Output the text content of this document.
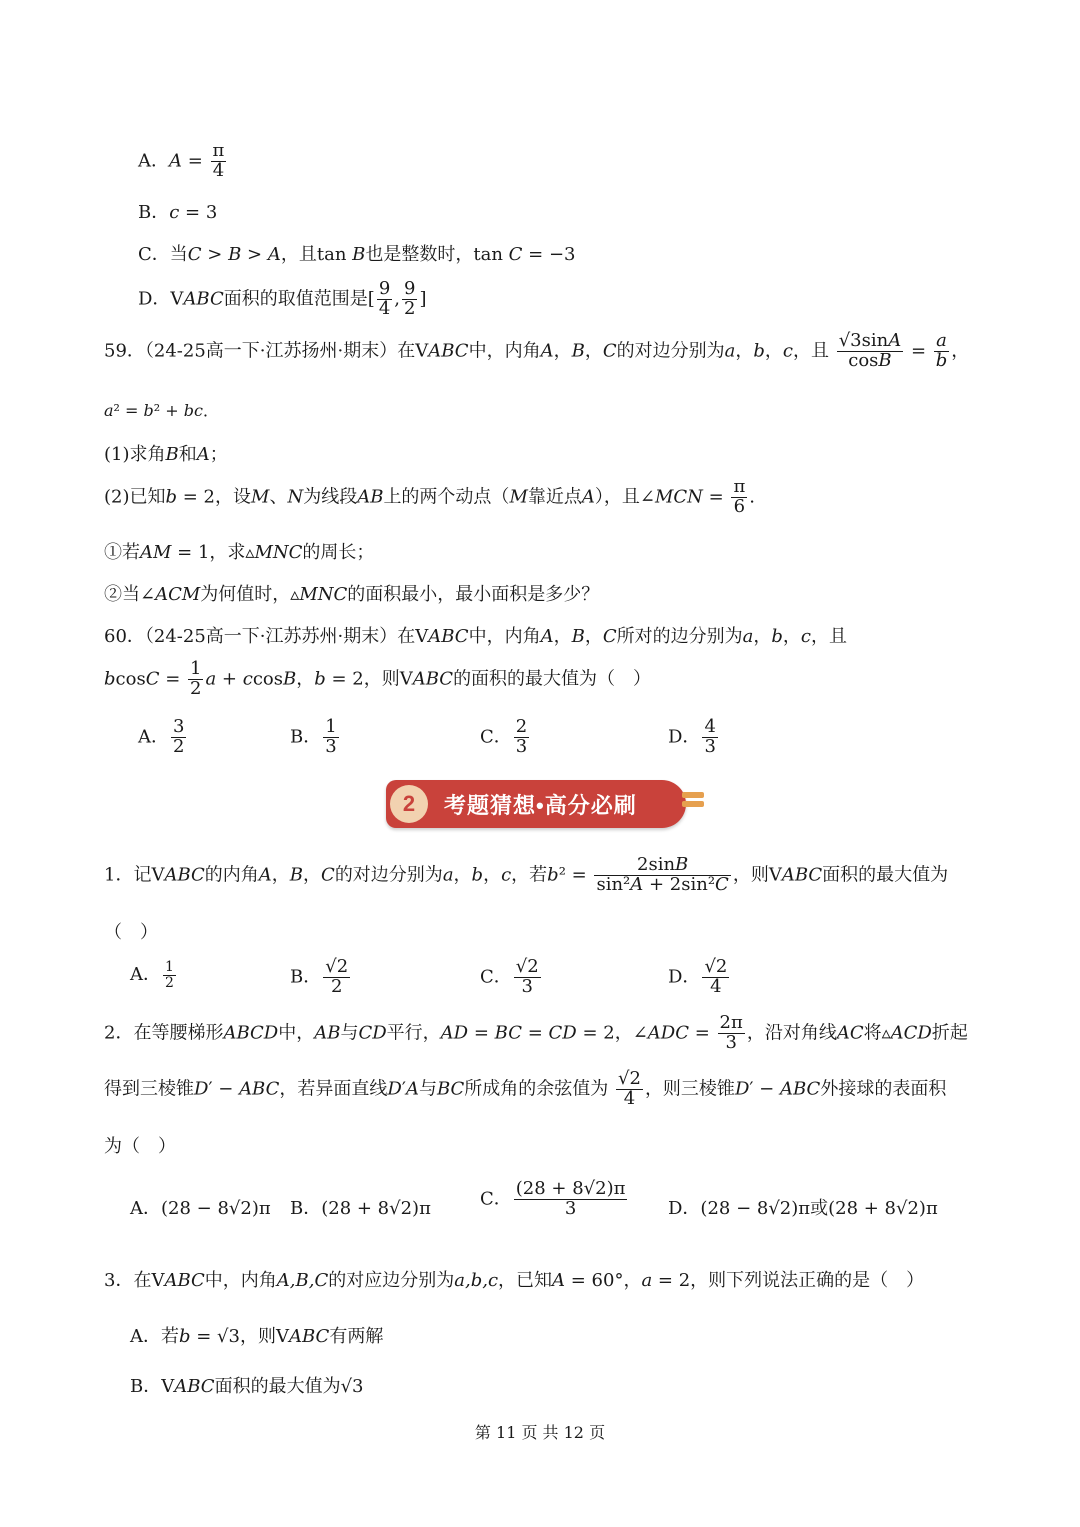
A．$A = \frac{\pi}{4}$
B．c = 3
C．当C > B > A，且tan B也是整数时，tan C = −3
D．VABC面积的取值范围是[ $\frac{9}{4}$ , $\frac{9}{2}$ ]
59．（24-25高一下·江苏扬州·期末）在VABC中，内角A，B，C的对边分别为a，b，c，且 $\frac{√3\sin A}{\cos B} = \frac{a}{b}$ ，
a² = b² + bc．
(1)求角B和A；
(2)已知b = 2，设M、N为线段AB上的两个动点（M靠近点A），且∠MCN = $\frac{\pi}{6}$ .
①若AM = 1，求▵MNC的周长；
②当∠ACM为何值时，▵MNC的面积最小，最小面积是多少？
60．（24-25高一下·江苏苏州·期末）在VABC中，内角A，B，C所对的边分别为a，b，c，且
$bcosC = \frac{1}{2}$ a + ccosB，b = 2，则VABC的面积的最大值为（　）
A． $\frac{3}{2}$	B． $\frac{1}{3}$	C． $\frac{2}{3}$	D． $\frac{4}{3}$
2	考题猜想•高分必刷
1．记VABC的内角A，B，C的对边分别为a，b，c，若$b^2 = \frac{2\sin B}{\text{sin²A + 2sin²C}}$ ，则VABC面积的最大值为
（　）
A． $\frac{1}{2}$	B． $\frac{√2}{2}$	C． $\frac{√2}{3}$	D． $\frac{√2}{4}$
2．在等腰梯形ABCD中，AB与CD平行，AD = BC = CD = 2，∠ADC = $\frac{2\pi}{3}$ ，沿对角线AC将▵ACD折起
得到三棱锥D′ − ABC，若异面直线D′A与BC所成角的余弦值为 $\frac{√2}{4}$ ，则三棱锥D′ − ABC外接球的表面积
为（　）
A．(28 − 8√2)π B．(28 + 8√2)π	C． $\frac{(28 + 8√2)\pi}{3}$ D．(28 − 8√2)π或(28 + 8√2)π
3．在VABC中，内角A,B,C的对应边分别为a,b,c，已知A = 60°，a = 2，则下列说法正确的是（　）
A．若b = √3，则VABC有两解
B．VABC面积的最大值为√3
第 11 页 共 12 页
